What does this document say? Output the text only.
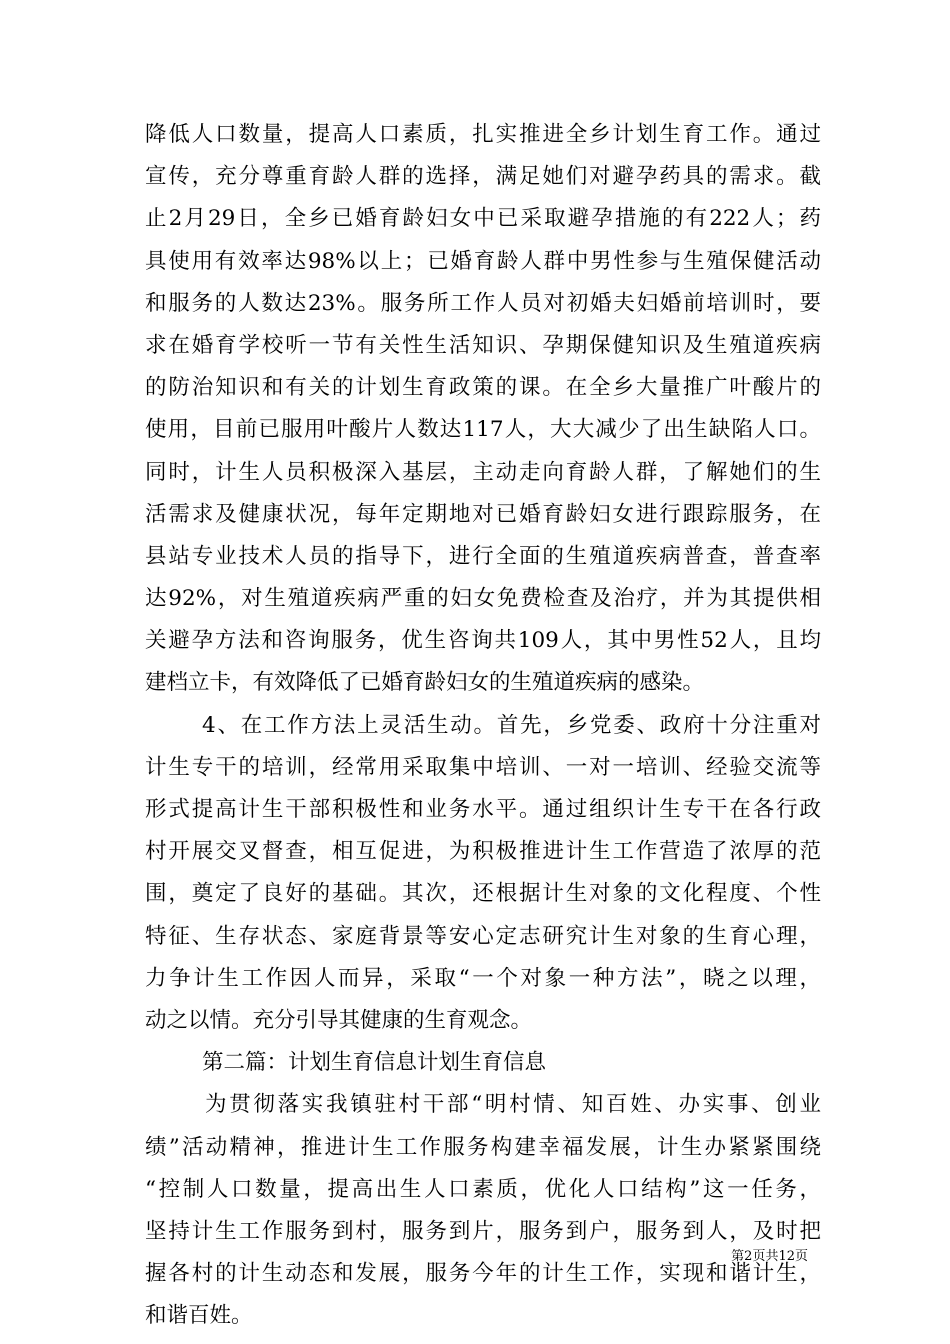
降低人口数量，提高人口素质，扎实推进全乡计划生育工作。通过
宣传，充分尊重育龄人群的选择，满足她们对避孕药具的需求。截
止2月29日，全乡已婚育龄妇女中已采取避孕措施的有222人；药
具使用有效率达98%以上；已婚育龄人群中男性参与生殖保健活动
和服务的人数达23%。服务所工作人员对初婚夫妇婚前培训时，要
求在婚育学校听一节有关性生活知识、孕期保健知识及生殖道疾病
的防治知识和有关的计划生育政策的课。在全乡大量推广叶酸片的
使用，目前已服用叶酸片人数达117人，大大减少了出生缺陷人口。
同时，计生人员积极深入基层，主动走向育龄人群，了解她们的生
活需求及健康状况，每年定期地对已婚育龄妇女进行跟踪服务，在
县站专业技术人员的指导下，进行全面的生殖道疾病普查，普查率
达92%，对生殖道疾病严重的妇女免费检查及治疗，并为其提供相
关避孕方法和咨询服务，优生咨询共109人，其中男性52人，且均
建档立卡，有效降低了已婚育龄妇女的生殖道疾病的感染。
4、在工作方法上灵活生动。首先，乡党委、政府十分注重对
计生专干的培训，经常用采取集中培训、一对一培训、经验交流等
形式提高计生干部积极性和业务水平。通过组织计生专干在各行政
村开展交叉督查，相互促进，为积极推进计生工作营造了浓厚的范
围，奠定了良好的基础。其次，还根据计生对象的文化程度、个性
特征、生存状态、家庭背景等安心定志研究计生对象的生育心理，
力争计生工作因人而异，采取“一个对象一种方法”，晓之以理，
动之以情。充分引导其健康的生育观念。
第二篇：计划生育信息计划生育信息
为贯彻落实我镇驻村干部“明村情、知百姓、办实事、创业
绩”活动精神，推进计生工作服务构建幸福发展，计生办紧紧围绕
“控制人口数量，提高出生人口素质，优化人口结构”这一任务，
坚持计生工作服务到村，服务到片，服务到户，服务到人，及时把
握各村的计生动态和发展，服务今年的计生工作，实现和谐计生，
和谐百姓。
第2页共12页
